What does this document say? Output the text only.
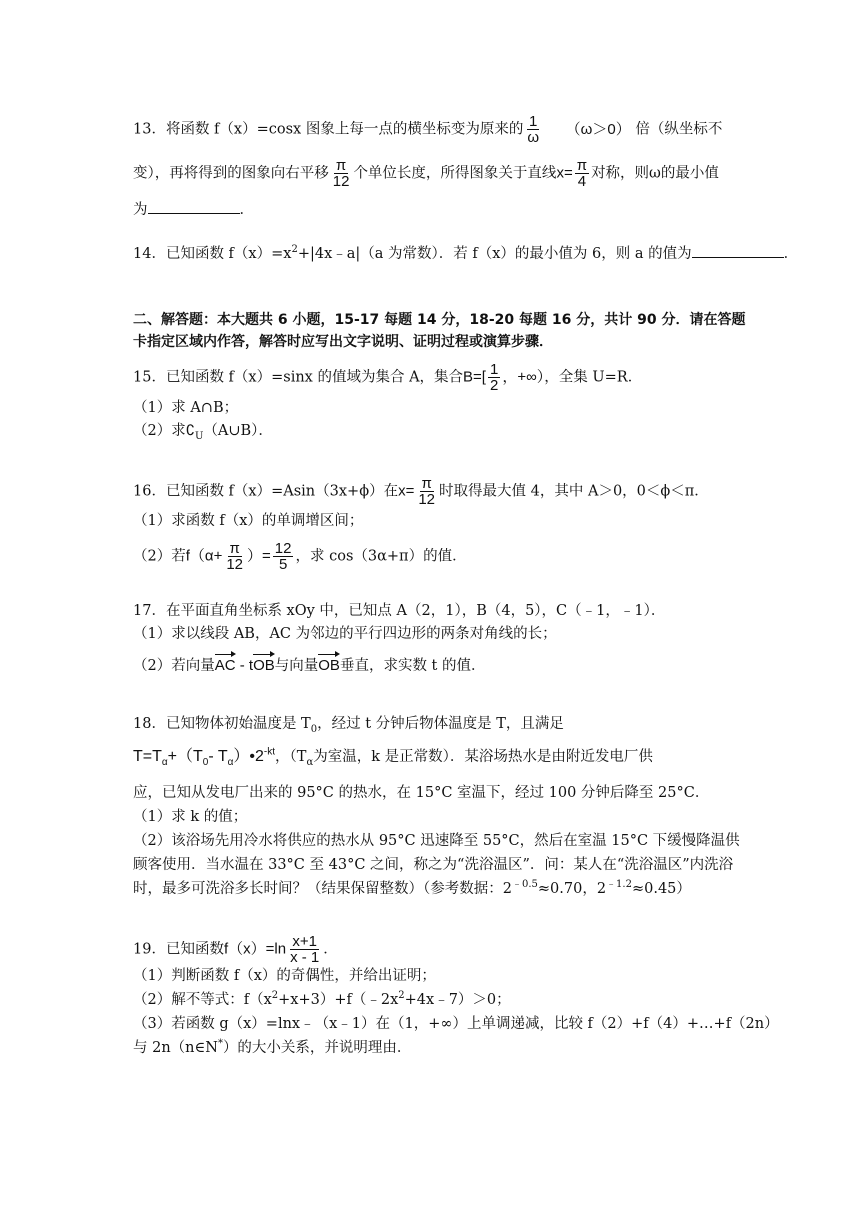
13．将函数 f（x）=cosx 图象上每一点的横坐标变为原来的 $\frac{1}{\omega} (\omega>0)$ 倍（纵坐标不
变），再将得到的图象向右平移 $\frac{\pi}{12}$ 个单位长度，所得图象关于直线$x= \frac{\pi}{4}$ 对称，则ω的最小值
为	．
14．已知函数 $f(x)=x^2+|4x﹣a|(a$ 为常数）．若 f（x）的最小值为 6，则 a 的值为	．
二、解答题：本大题共 6 小题，15-17 每题 14 分，18-20 每题 16 分，共计 90 分．请在答题
卡指定区域内作答，解答时应写出文字说明、证明过程或演算步骤．
15．已知函数 f（x）=sinx 的值域为集合 A，集合$B=[ \frac{1}{2}$ ，+∞），全集 U=R．
（1）求 A∩B；
（2）求$∁_U(A\cup B)$．
16．已知函数 f（x）=Asin（3x+ϕ）在$x= \frac{\pi}{12}$ 时取得最大值 4，其中 A＞0，0＜ϕ＜π．
（1）求函数 f（x）的单调增区间；
（2）若$f(\alpha+ \frac{\pi}{12}$ ）= $\frac{12}{5}$ ，求 cos（3α+π）的值．
17．在平面直角坐标系 xOy 中，已知点 A（2，1），B（4，5），C（﹣1，﹣1）．
（1）求以线段 AB，AC 为邻边的平行四边形的两条对角线的长；
（2）若向量AC - tOB与向量OB垂直，求实数 t 的值．
18．已知物体初始温度是 $T_0$，经过 t 分钟后物体温度是 T，且满足
$T=T_\alpha+(T_0-$ $T_\alpha)•2^{-kt}$，（$T_\alpha$为室温，k 是正常数）．某浴场热水是由附近发电厂供
应，已知从发电厂出来的 95°C 的热水，在 15°C 室温下，经过 100 分钟后降至 25°C．
（1）求 k 的值；
（2）该浴场先用冷水将供应的热水从 95°C 迅速降至 55°C，然后在室温 15°C 下缓慢降温供
顾客使用．当水温在 33°C 至 43°C 之间，称之为“洗浴温区”．问：某人在“洗浴温区”内洗浴
时，最多可洗浴多长时间？（结果保留整数）（参考数据：$2^{﹣0.5}\approx 0.70$，$2^{﹣1.2}\approx 0.45$）
19．已知函数$f(x)=\ln \frac{x+1}{x - 1}$ ．
（1）判断函数 f（x）的奇偶性，并给出证明；
（2）解不等式：$f(x^2+x+3)+f(﹣2x^2+4x﹣7)>0$；
（3）若函数 g（x）=lnx﹣（x﹣1）在（1，+∞）上单调递减，比较 f（2）+f（4）+…+f（2n）
与 2n（n∈N*）的大小关系，并说明理由．
